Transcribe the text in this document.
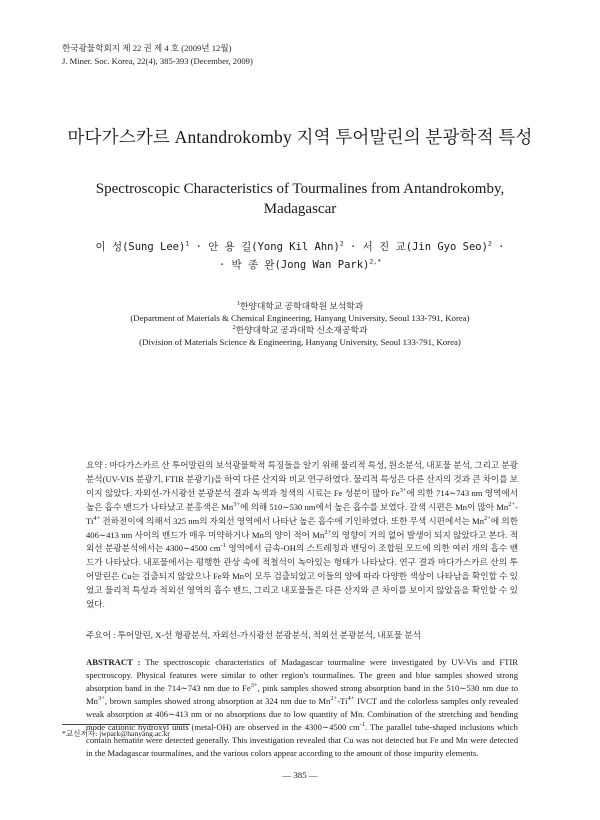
한국광물학회지 제 22 권 제 4 호 (2009년 12월)
J. Miner. Soc. Korea, 22(4), 385-393 (December, 2009)
마다가스카르 Antandrokomby 지역 투어말린의 분광학적 특성
Spectroscopic Characteristics of Tourmalines from Antandrokomby, Madagascar
이 성(Sung Lee)$^1$ · 안 용 길(Yong Kil Ahn)$^2$ · 서 진 교(Jin Gyo Seo)$^2$ ·
· 박 종 완(Jong Wan Park)$^{2,*}$
$^1$한양대학교 공학대학원 보석학과
(Department of Materials & Chemical Engineering, Hanyang University, Seoul 133-791, Korea)
$^2$한양대학교 공과대학 신소재공학과
(Division of Materials Science & Engineering, Hanyang University, Seoul 133-791, Korea)
요약 : 마다가스카르 산 투어말린의 보석광물학적 특징들을 알기 위해 물리적 특성, 원소분석, 내포물 분석, 그리고 분광분석(UV-VIS 분광기, FTIR 분광기)을 하여 다른 산지와 비교 연구하였다. 물리적 특성은 다른 산지의 것과 큰 차이를 보이지 않았다. 자외선-가시광선 분광분석 결과 녹색과 청색의 시료는 Fe 성분이 많아 $Fe^{3+}$에 의한 714∼743 nm 영역에서 높은 흡수 밴드가 나타났고 분홍색은 $Mn^{3+}$에 의해 510∼530 nm에서 높은 흡수를 보였다. 갈색 시편은 Mn이 많아 $Mn^{2+}-Ti^{4+}$ 전하전이에 의해서 325 nm의 자외선 영역에서 나타난 높은 흡수에 기인하였다. 또한 무색 시편에서는 $Mn^{2+}$에 의한 406∼413 nm 사이의 밴드가 매우 미약하거나 Mn의 양이 적어 $Mn^{2+}$의 영향이 거의 없어 발생이 되지 않았다고 본다. 적외선 분광분석에서는 4300∼4500 $cm^{-1}$ 영역에서 금속-OH의 스트레칭과 밴딩이 조합된 모드에 의한 여러 개의 흡수 밴드가 나타났다. 내포물에서는 평행한 관상 속에 적철석이 녹아있는 형태가 나타났다. 연구 결과 마다가스카르 산의 투어말린은 Cu는 검출되지 않았으나 Fe와 Mn이 모두 검출되었고 이들의 양에 따라 다양한 색상이 나타남을 확인할 수 있었고 물리적 특성과 적외선 영역의 흡수 밴드, 그리고 내포물들은 다른 산지와 큰 차이를 보이지 않았음을 확인할 수 있었다.
주요어 : 투어말린, X-선 형광분석, 자외선-가시광선 분광분석, 적외선 분광분석, 내포물 분석
ABSTRACT : The spectroscopic characteristics of Madagascar tourmaline were investigated by UV-Vis and FTIR spectroscopy. Physical features were similar to other region's tourmalines. The green and blue samples showed strong absorption band in the 714∼743 nm due to $Fe^{3+}$, pink samples showed strong absorption band in the 510∼530 nm due to $Mn^{3+}$, brown samples showed strong absorption at 324 nm due to $Mn^{2+}-Ti^{4+}$ IVCT and the colorless samples only revealed weak absorption at 406∼413 nm or no absorptions due to low quantity of Mn. Combination of the stretching and bending mode cationic hydroxyl units (metal-OH) are observed in the 4300∼4500 $cm^{-1}$. The parallel tube-shaped inclusions which contain hematite were detected generally. This investigation revealed that Cu was not detected but Fe and Mn were detected in the Madagascar tourmalines, and the various colors appear according to the amount of those impurity elements.
*교신저자: jwpark@hanyang.ac.kr
― 385 ―
